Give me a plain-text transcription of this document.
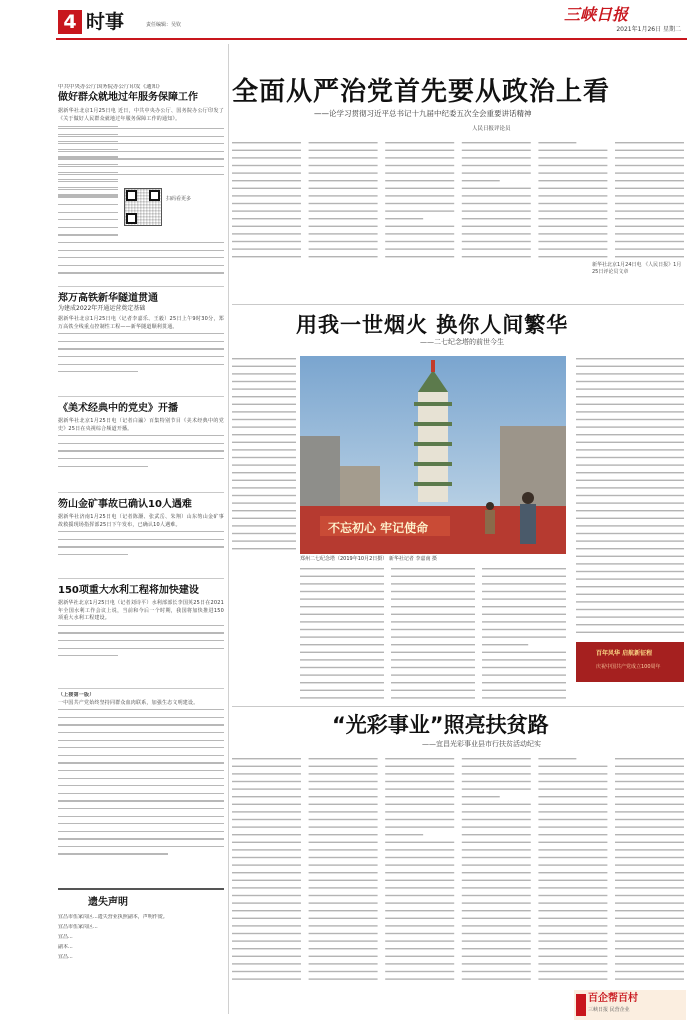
4 时事	责任编辑：吴钦
三峡日报
2021年1月26日 星期二
中共中央办公厅国务院办公厅印发《通知》
做好群众就地过年服务保障工作
据新华社北京1月25日电 近日，中共中央办公厅、国务院办公厅印发了《关于做好人民群众就地过年服务保障工作的通知》。
扫码看更多
郑万高铁新华隧道贯通
为建成2022年开通运营奠定基础
据新华社北京1月25日电（记者李嘉乐、王毅）25日上午9时30分，郑万高铁全线重点控制性工程——新华隧道顺利贯通。
《美术经典中的党史》开播
据新华社北京1月25日电（记者白瀛）百集特别节目《美术经典中的党史》25日在央视综合频道开播。
笏山金矿事故已确认10人遇难
据新华社济南1月25日电（记者陈灏、张武岳、朱翔）山东笏山金矿事故救援现场指挥部25日下午发布，已确认10人遇难。
150项重大水利工程将加快建设
据新华社北京1月25日电（记者刘诗平）水利部部长李国英25日在2021年全国水利工作会议上说，当前和今后一个时期，我国将加快推进150项重大水利工程建设。
（上接第一版）
一中国共产党始终坚持同群众血肉联系，加强生态文明建设。
遗失声明
宜昌市伍家岗区...遗失营业执照副本，声明作废。
宜昌市伍家岗区...
宜昌...
副本...
宜昌...
全面从严治党首先要从政治上看
——论学习贯彻习近平总书记十九届中纪委五次全会重要讲话精神
人民日报评论员
新华社北京1月24日电 《人民日报》1月25日评论员文章
用我一世烟火 换你人间繁华
——二七纪念塔的前世今生
不忘初心 牢记使命
郑州二七纪念塔（2019年10月2日摄） 新华社记者 李嘉南 摄
百年风华 启航新征程
庆祝中国共产党成立100周年
“光彩事业”照亮扶贫路
——宜昌光彩事业县市行扶贫活动纪实
百企帮百村
三峡日报 民营企业
